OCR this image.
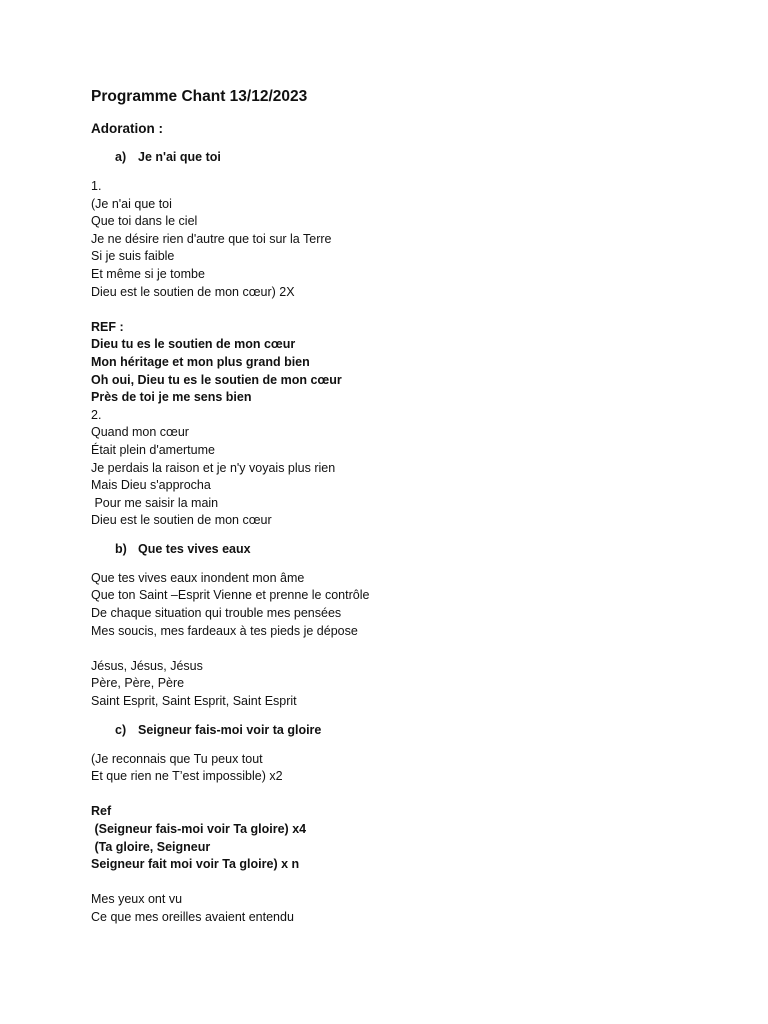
Programme Chant 13/12/2023
Adoration :
a) Je n'ai que toi
1.
(Je n'ai que toi
Que toi dans le ciel
Je ne désire rien d'autre que toi sur la Terre
Si je suis faible
Et même si je tombe
Dieu est le soutien de mon cœur) 2X
REF :
Dieu tu es le soutien de mon cœur
Mon héritage et mon plus grand bien
Oh oui, Dieu tu es le soutien de mon cœur
Près de toi je me sens bien
2.
Quand mon cœur
Était plein d'amertume
Je perdais la raison et je n'y voyais plus rien
Mais Dieu s'approcha
Pour me saisir la main
Dieu est le soutien de mon cœur
b) Que tes vives eaux
Que tes vives eaux inondent mon âme
Que ton Saint –Esprit Vienne et prenne le contrôle
De chaque situation qui trouble mes pensées
Mes soucis, mes fardeaux à tes pieds je dépose
Jésus, Jésus, Jésus
Père, Père, Père
Saint Esprit, Saint Esprit, Saint Esprit
c) Seigneur fais-moi voir ta gloire
(Je reconnais que Tu peux tout
Et que rien ne T’est impossible) x2
Ref
(Seigneur fais-moi voir Ta gloire) x4
(Ta gloire, Seigneur
Seigneur fait moi voir Ta gloire) x n
Mes yeux ont vu
Ce que mes oreilles avaient entendu
